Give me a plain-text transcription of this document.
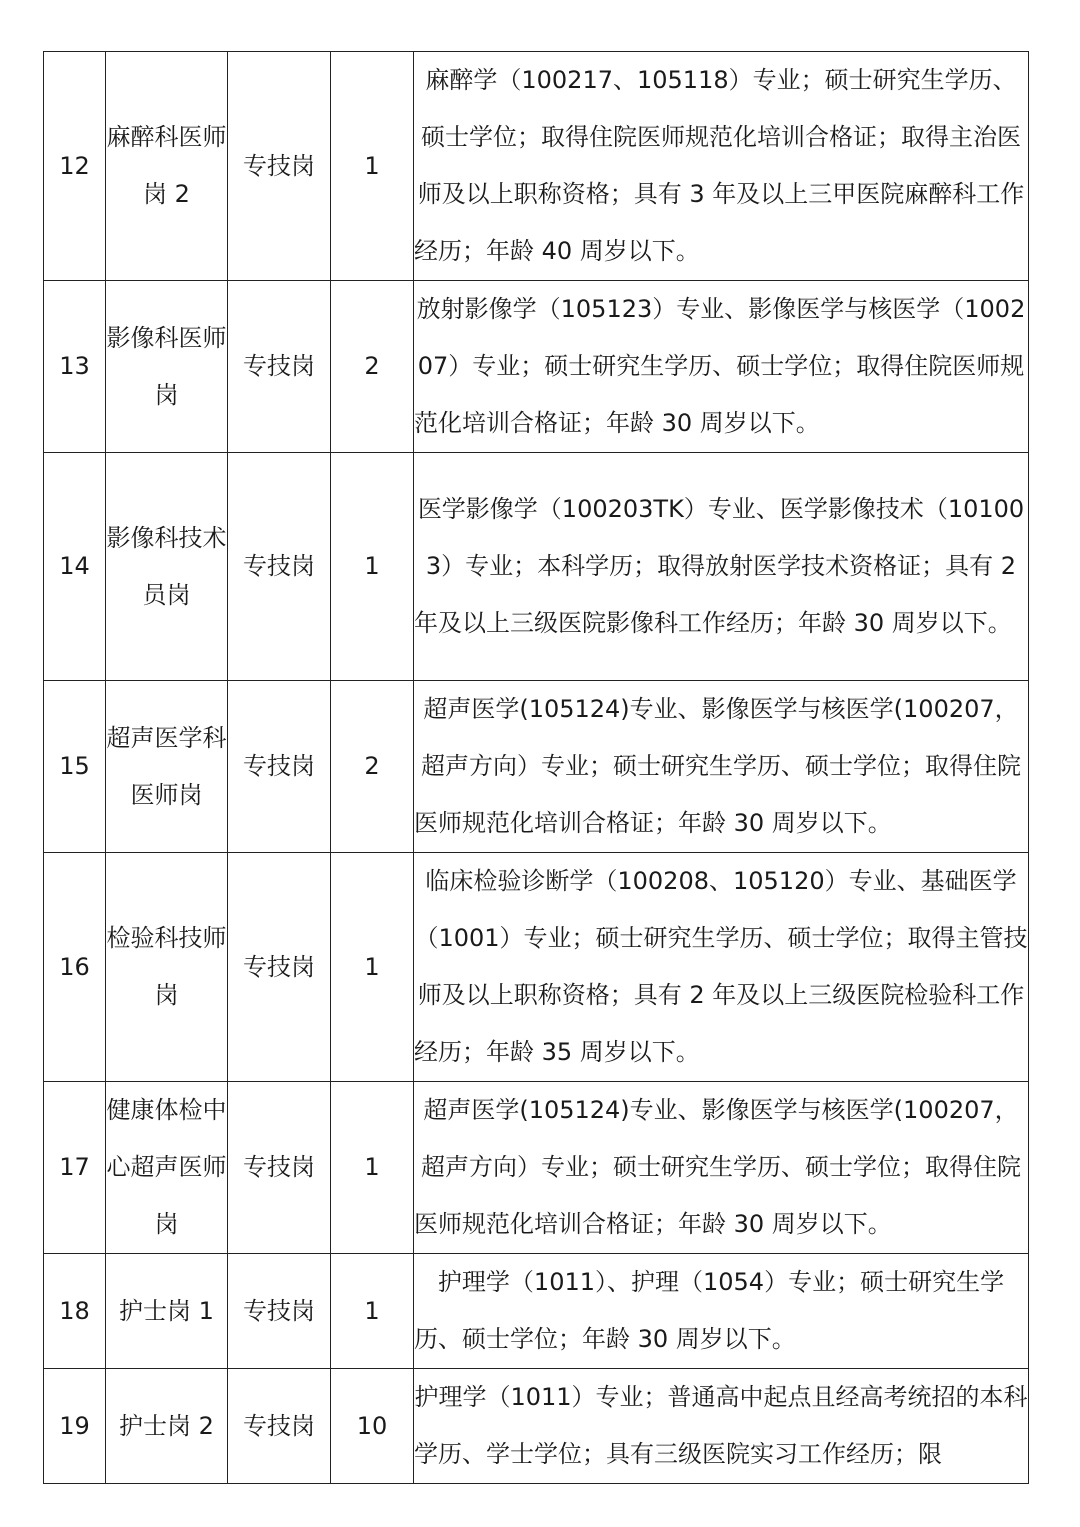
12	麻醉科医师岗 2	专技岗	1	麻醉学（100217、105118）专业；硕士研究生学历、硕士学位；取得住院医师规范化培训合格证；取得主治医师及以上职称资格；具有 3 年及以上三甲医院麻醉科工作经历；年龄 40 周岁以下。
13	影像科医师岗	专技岗	2	放射影像学（105123）专业、影像医学与核医学（100207）专业；硕士研究生学历、硕士学位；取得住院医师规范化培训合格证；年龄 30 周岁以下。
14	影像科技术员岗	专技岗	1	医学影像学（100203TK）专业、医学影像技术（101003）专业；本科学历；取得放射医学技术资格证；具有 2 年及以上三级医院影像科工作经历；年龄 30 周岁以下。
15	超声医学科医师岗	专技岗	2	超声医学(105124)专业、影像医学与核医学(100207，超声方向）专业；硕士研究生学历、硕士学位；取得住院医师规范化培训合格证；年龄 30 周岁以下。
16	检验科技师岗	专技岗	1	临床检验诊断学（100208、105120）专业、基础医学（1001）专业；硕士研究生学历、硕士学位；取得主管技师及以上职称资格；具有 2 年及以上三级医院检验科工作经历；年龄 35 周岁以下。
17	健康体检中心超声医师岗	专技岗	1	超声医学(105124)专业、影像医学与核医学(100207，超声方向）专业；硕士研究生学历、硕士学位；取得住院医师规范化培训合格证；年龄 30 周岁以下。
18	护士岗 1	专技岗	1	护理学（1011）、护理（1054）专业；硕士研究生学历、硕士学位；年龄 30 周岁以下。
19	护士岗 2	专技岗	10	护理学（1011）专业；普通高中起点且经高考统招的本科学历、学士学位；具有三级医院实习工作经历；限
